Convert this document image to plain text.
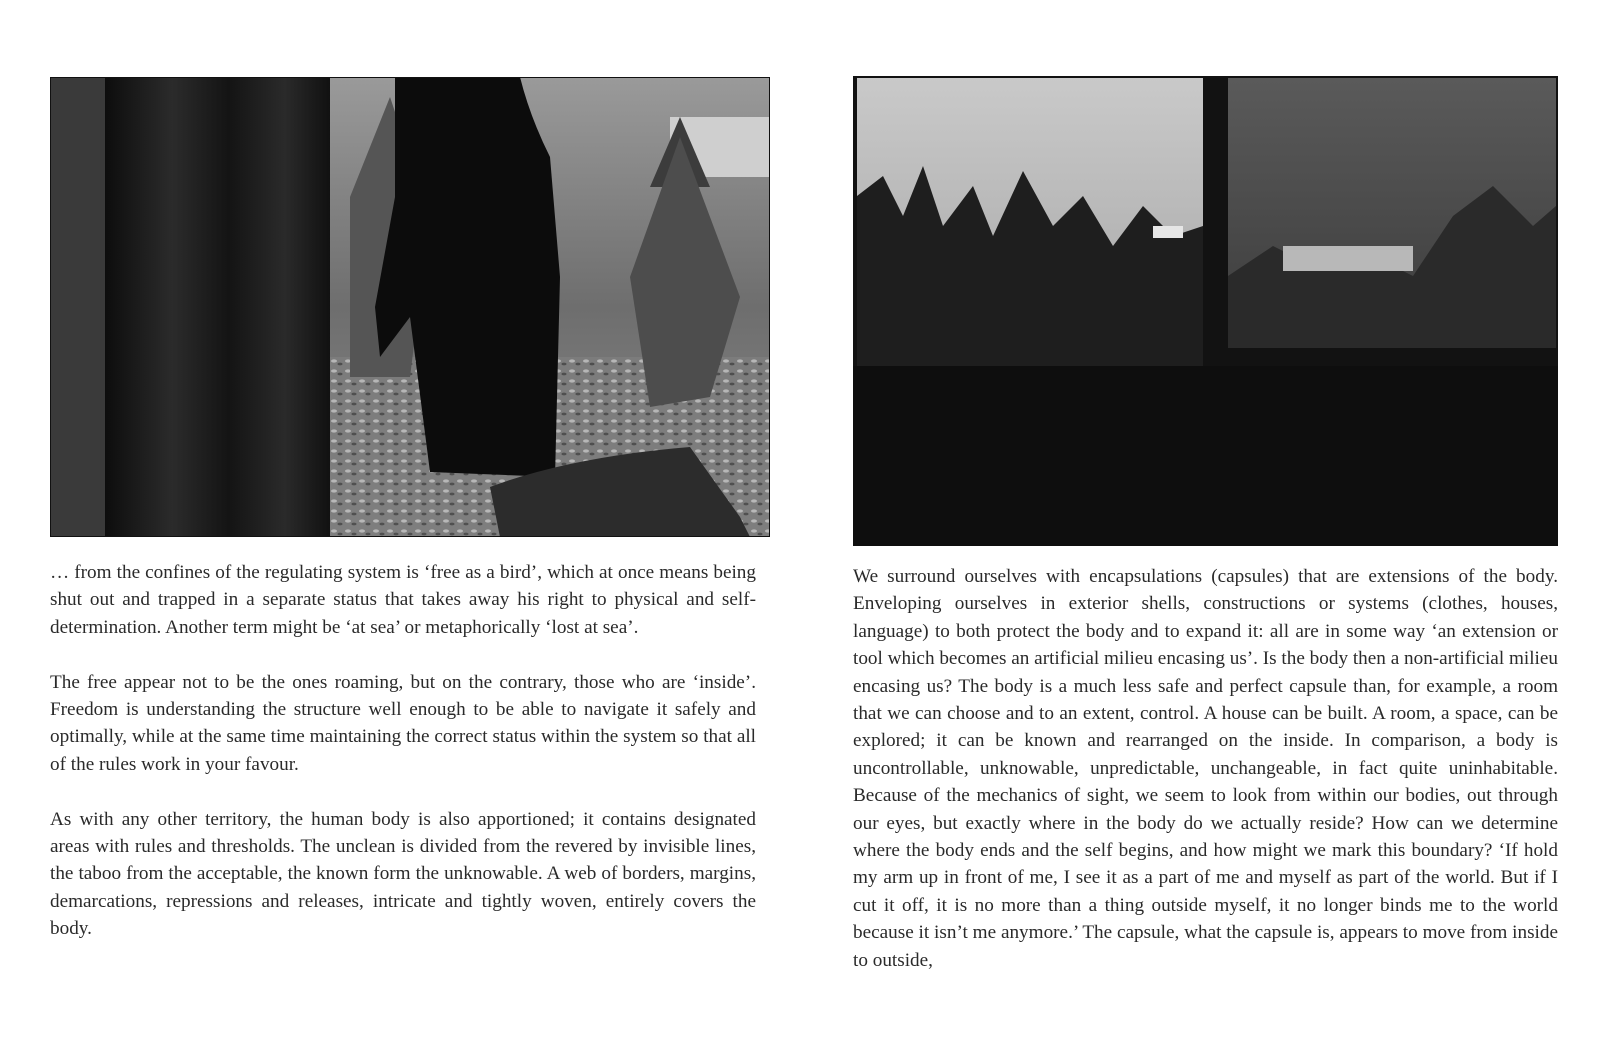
… from the confines of the regulating system is ‘free as a bird’, which at once means being shut out and trapped in a separate status that takes away his right to physical and self-determination. Another term might be ‘at sea’ or metaphorically ‘lost at sea’.

The free appear not to be the ones roaming, but on the contrary, those who are ‘inside’. Freedom is understanding the structure well enough to be able to navigate it safely and optimally, while at the same time maintaining the correct status within the system so that all of the rules work in your favour.

As with any other territory, the human body is also apportioned; it contains designated areas with rules and thresholds. The unclean is divided from the revered by invisible lines, the taboo from the acceptable, the known form the unknowable. A web of borders, margins, demarcations, repressions and releases, intricate and tightly woven, entirely covers the body.

We surround ourselves with encapsulations (capsules) that are extensions of the body. Enveloping ourselves in exterior shells, constructions or systems (clothes, houses, language) to both protect the body and to expand it: all are in some way ‘an extension or tool which becomes an artificial milieu encasing us’. Is the body then a non-artificial milieu encasing us? The body is a much less safe and perfect capsule than, for example, a room that we can choose and to an extent, control. A house can be built. A room, a space, can be explored; it can be known and rearranged on the inside. In comparison, a body is uncontrollable, unknowable, unpredictable, unchangeable, in fact quite uninhabitable. Because of the mechanics of sight, we seem to look from within our bodies, out through our eyes, but exactly where in the body do we actually reside? How can we determine where the body ends and the self begins, and how might we mark this boundary? ‘If hold my arm up in front of me, I see it as a part of me and myself as part of the world. But if I cut it off, it is no more than a thing outside myself, it no longer binds me to the world because it isn’t me anymore.’ The capsule, what the capsule is, appears to move from inside to outside,
